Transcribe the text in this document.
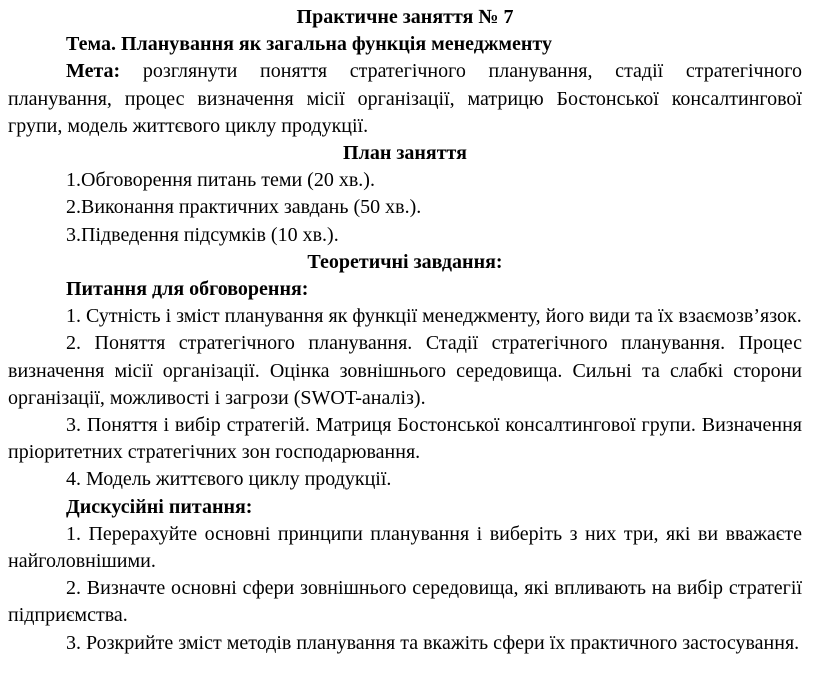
Практичне заняття № 7

Тема. Планування як загальна функція менеджменту

Мета: розглянути поняття стратегічного планування, стадії стратегічного планування, процес визначення місії організації, матрицю Бостонської консалтингової групи, модель життєвого циклу продукції.

План заняття

1.Обговорення питань теми (20 хв.).

2.Виконання практичних завдань (50 хв.).

3.Підведення підсумків (10 хв.).

Теоретичні завдання:

Питання для обговорення:

1. Сутність і зміст планування як функції менеджменту, його види та їх взаємозв’язок.

2. Поняття стратегічного планування. Стадії стратегічного планування. Процес визначення місії організації. Оцінка зовнішнього середовища. Сильні та слабкі сторони організації, можливості і загрози (SWOT-аналіз).

3. Поняття і вибір стратегій. Матриця Бостонської консалтингової групи. Визначення пріоритетних стратегічних зон господарювання.

4. Модель життєвого циклу продукції.

Дискусійні питання:

1. Перерахуйте основні принципи планування і виберіть з них три, які ви вважаєте найголовнішими.

2. Визначте основні сфери зовнішнього середовища, які впливають на вибір стратегії підприємства.

3. Розкрийте зміст методів планування та вкажіть сфери їх практичного застосування.
